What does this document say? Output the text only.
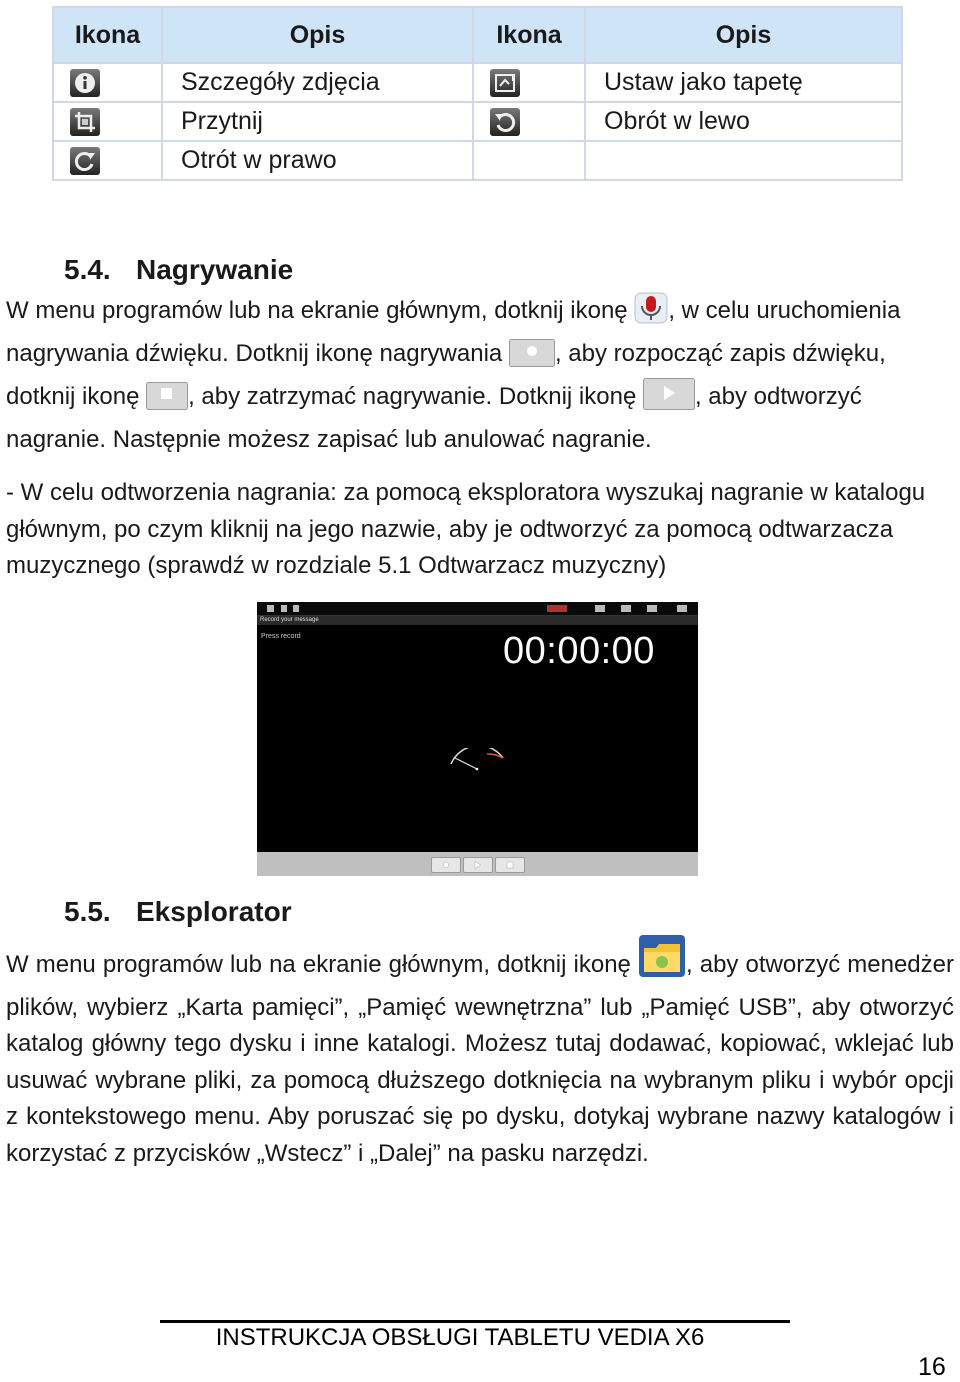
Ikona	Opis	Ikona	Opis

	Szczegóły zdjęcia		Ustaw jako tapetę

	Przytnij		Obrót w lewo

	Otrót w prawo		
5.4. Nagrywanie

W menu programów lub na ekranie głównym, dotknij ikonę , w celu uruchomienia nagrywania dźwięku. Dotknij ikonę nagrywania , aby rozpocząć zapis dźwięku, dotknij ikonę , aby zatrzymać nagrywanie. Dotknij ikonę , aby odtworzyć nagranie. Następnie możesz zapisać lub anulować nagranie.

- W celu odtworzenia nagrania: za pomocą eksploratora wyszukaj nagranie w katalogu głównym, po czym kliknij na jego nazwie, aby je odtworzyć za pomocą odtwarzacza muzycznego (sprawdź w rozdziale 5.1 Odtwarzacz muzyczny)

Record your message
Press record	00:00:00
5.5. Eksplorator

W menu programów lub na ekranie głównym, dotknij ikonę , aby otworzyć menedżer plików, wybierz „Karta pamięci”, „Pamięć wewnętrzna” lub „Pamięć USB”, aby otworzyć katalog główny tego dysku i inne katalogi. Możesz tutaj dodawać, kopiować, wklejać lub usuwać wybrane pliki, za pomocą dłuższego dotknięcia na wybranym pliku i wybór opcji z kontekstowego menu. Aby poruszać się po dysku, dotykaj wybrane nazwy katalogów i korzystać z przycisków „Wstecz” i „Dalej” na pasku narzędzi.

INSTRUKCJA OBSŁUGI TABLETU VEDIA X6
16
